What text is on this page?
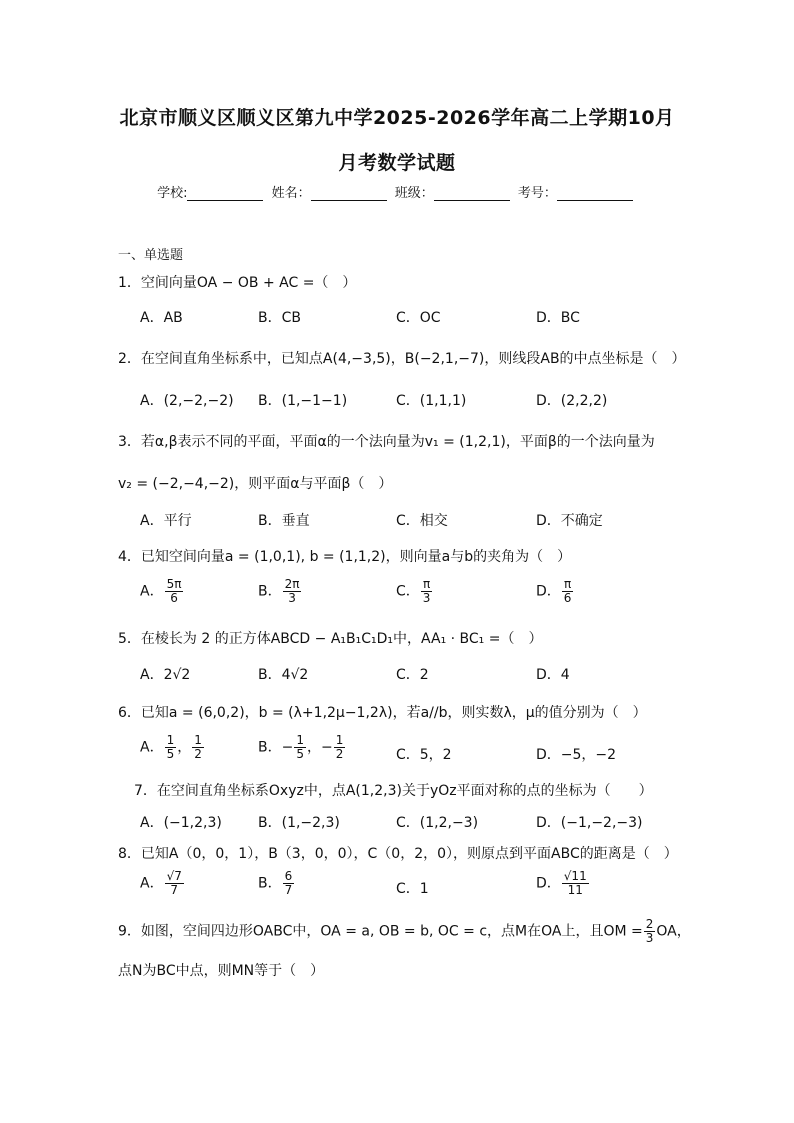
北京市顺义区顺义区第九中学2025-2026学年高二上学期10月
月考数学试题
学校:	姓名：	班级：	考号：
一、单选题
1．空间向量OA − OB + AC =（　）
A．AB	B．CB	C．OC	D．BC
2．在空间直角坐标系中，已知点A(4,−3,5)，B(−2,1,−7)，则线段AB的中点坐标是（　）
A．(2,−2,−2) B．(1,−1−1)	C．(1,1,1)	D．(2,2,2)
3．若α,β表示不同的平面，平面α的一个法向量为v₁ = (1,2,1)，平面β的一个法向量为
v₂ = (−2,−4,−2)，则平面α与平面β（　）
A．平行	B．垂直	C．相交	D．不确定
4．已知空间向量a = (1,0,1), b = (1,1,2)，则向量a与b的夹角为（　）
A． $\frac{5\pi}{6}$	B． $\frac{2\pi}{3}$	C． $\frac{\pi}{3}$	D． $\frac{\pi}{6}$
5．在棱长为 2 的正方体ABCD − A₁B₁C₁D₁中，AA₁ · BC₁ =（　）
A．2√2	B．4√2	C．2	D．4
6．已知a = (6,0,2)，b = (λ+1,2μ−1,2λ)，若a//b，则实数λ，μ的值分别为（　）
A． $\frac{1}{5}$ ， $\frac{1}{2}$	B．− $\frac{1}{5}$ ，− $\frac{1}{2}$	C．5，2	D．−5，−2
7．在空间直角坐标系Oxyz中，点A(1,2,3)关于yOz平面对称的点的坐标为（　　）
A．(−1,2,3)	B．(1,−2,3)	C．(1,2,−3)	D．(−1,−2,−3)
8．已知A（0，0，1），B（3，0，0），C（0，2，0），则原点到平面ABC的距离是（　）
A． $\frac{√7}{7}$	B． $\frac{6}{7}$	C．1	D． $\frac{√11}{11}$
9．如图，空间四边形OABC中，OA = a, OB = b, OC = c，点M在OA上，且OM = $\frac{2}{3}$ OA，
点N为BC中点，则MN等于（　）
